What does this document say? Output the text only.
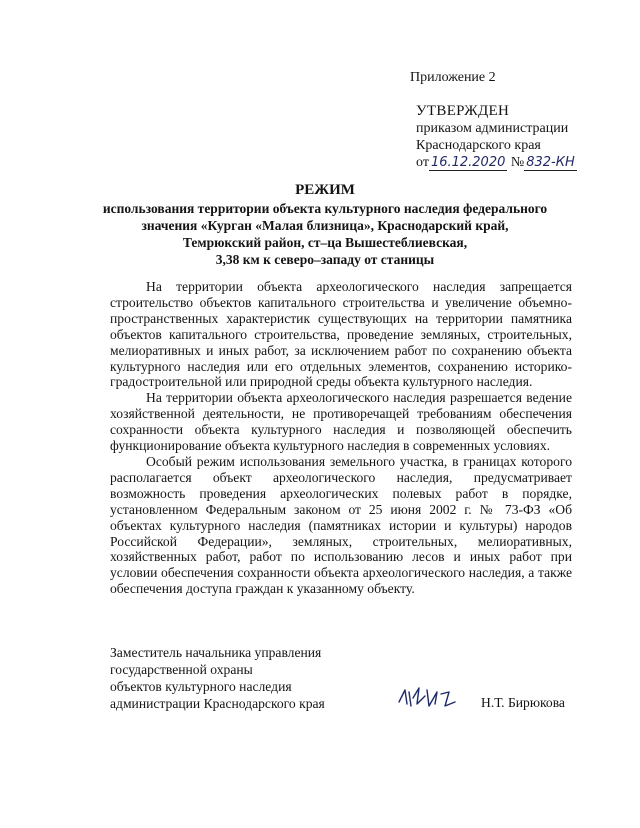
Приложение 2
УТВЕРЖДЕН
приказом администрации
Краснодарского края
от 16.12.2020 № 832-КН
РЕЖИМ
использования территории объекта культурного наследия федерального
значения «Курган «Малая близница», Краснодарский край,
Темрюкский район, ст–ца Вышестеблиевская,
3,38 км к северо–западу от станицы

На территории объекта археологического наследия запрещается строительство объектов капитального строительства и увеличение объемно-пространственных характеристик существующих на территории памятника объектов капитального строительства, проведение земляных, строительных, мелиоративных и иных работ, за исключением работ по сохранению объекта культурного наследия или его отдельных элементов, сохранению историко-градостроительной или природной среды объекта культурного наследия.

На территории объекта археологического наследия разрешается ведение хозяйственной деятельности, не противоречащей требованиям обеспечения сохранности объекта культурного наследия и позволяющей обеспечить функционирование объекта культурного наследия в современных условиях.

Особый режим использования земельного участка, в границах которого располагается объект археологического наследия, предусматривает возможность проведения археологических полевых работ в порядке, установленном Федеральным законом от 25 июня 2002 г. № 73-ФЗ «Об объектах культурного наследия (памятниках истории и культуры) народов Российской Федерации», земляных, строительных, мелиоративных, хозяйственных работ, работ по использованию лесов и иных работ при условии обеспечения сохранности объекта археологического наследия, а также обеспечения доступа граждан к указанному объекту.

Заместитель начальника управления
государственной охраны
объектов культурного наследия
администрации Краснодарского края	Н.Т. Бирюкова
